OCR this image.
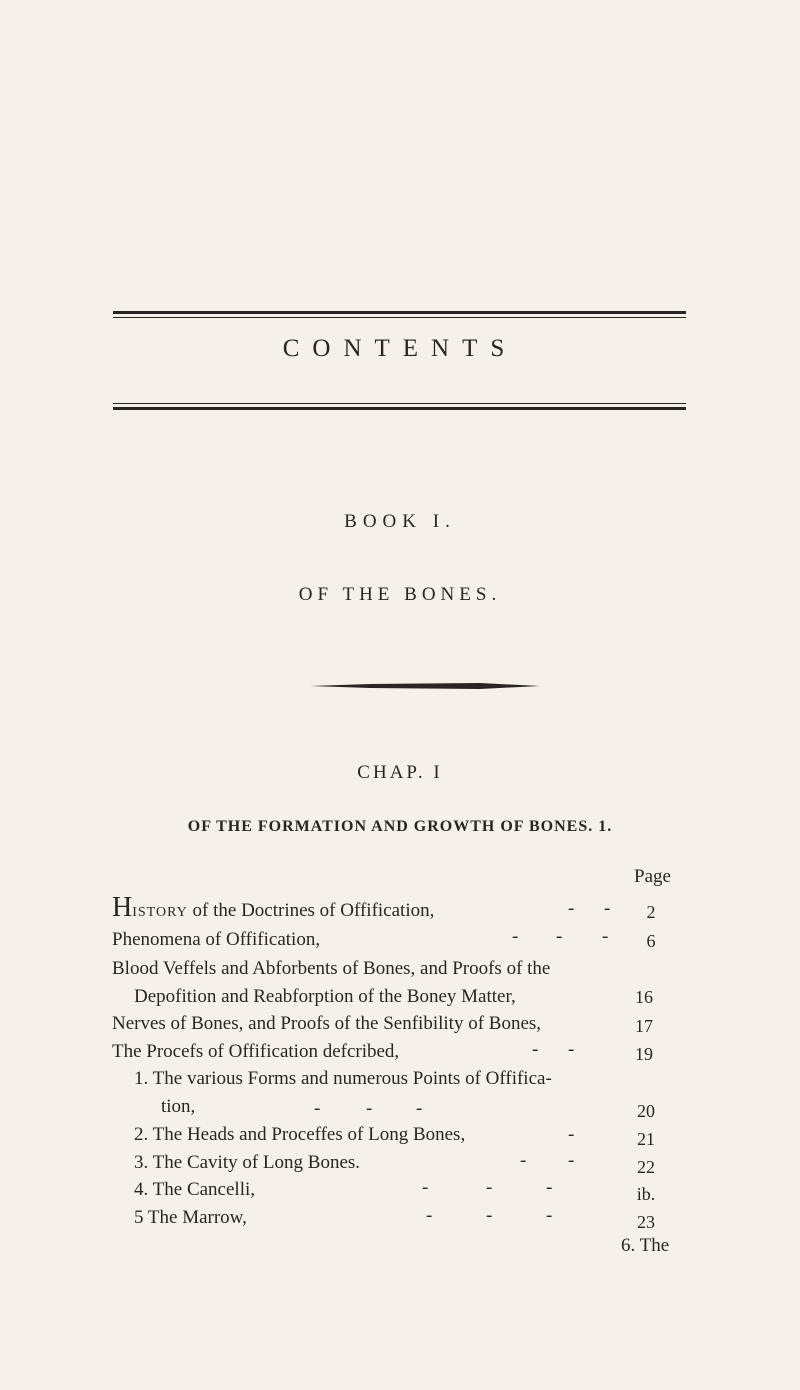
CONTENTS
BOOK I.
OF THE BONES.
CHAP. I
OF THE FORMATION AND GROWTH OF BONES. 1.
Page
HISTORY of the Doctrines of Offification,	- -	2
Phenomena of Offification,	- - -	6
Blood Veffels and Abforbents of Bones, and Proofs of the
Depofition and Reabforption of the Boney Matter,	16
Nerves of Bones, and Proofs of the Senfibility of Bones,	17
The Procefs of Offification defcribed,	- -	19
1. The various Forms and numerous Points of Offifica-
tion,	- - -	20
2. The Heads and Proceffes of Long Bones,	-	21
3. The Cavity of Long Bones.	- -	22
4. The Cancelli,	-	-	-	ib.
5 The Marrow,	-	-	-	23
6. The
